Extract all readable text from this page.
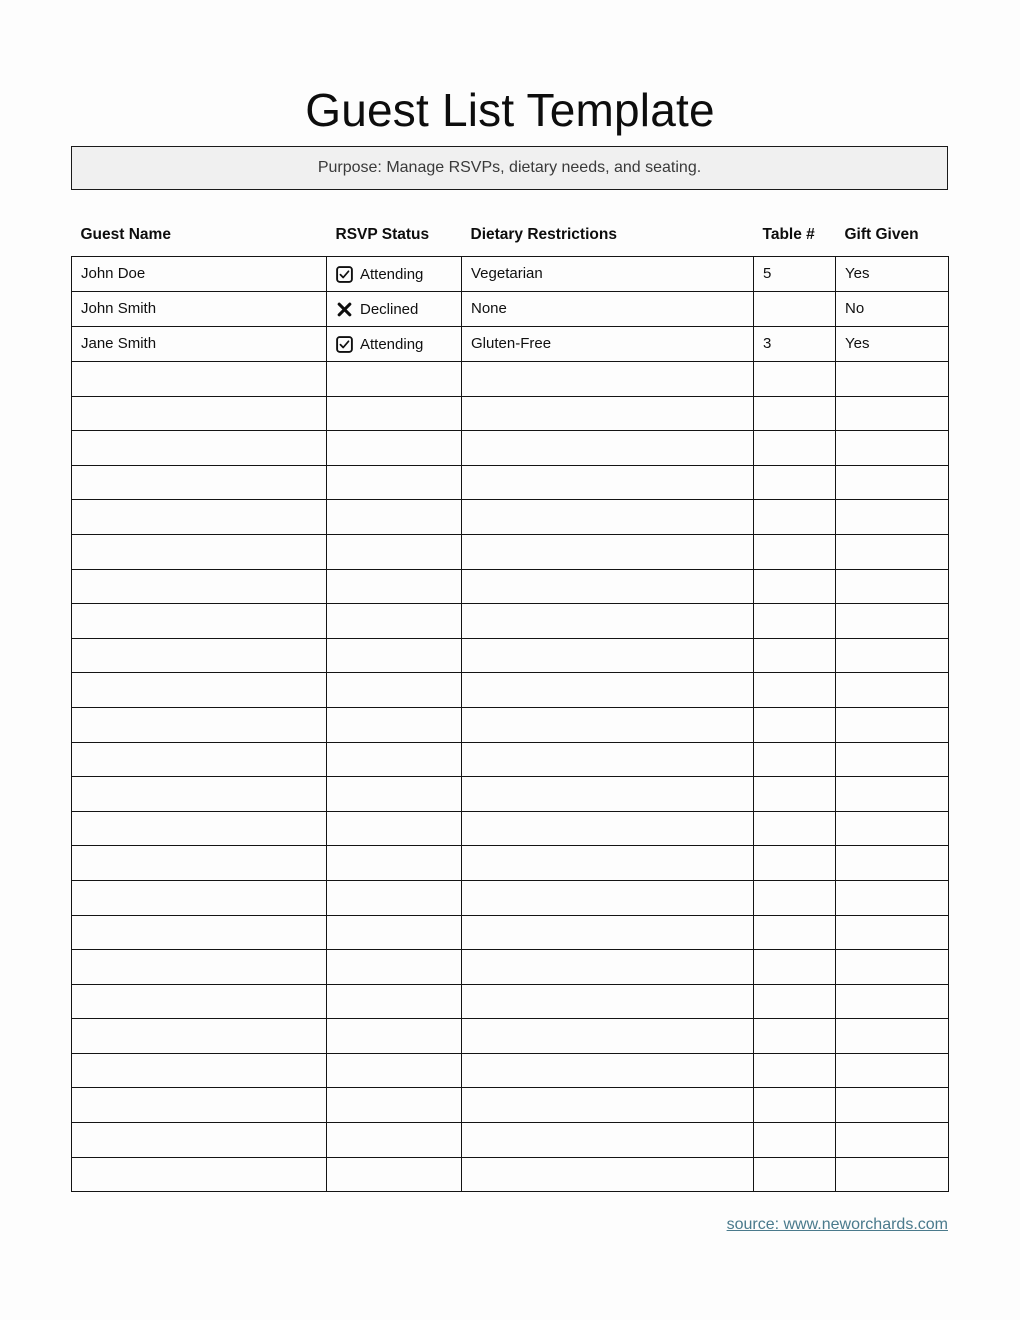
Guest List Template
Purpose: Manage RSVPs, dietary needs, and seating.
Guest Name	RSVP Status	Dietary Restrictions	Table #	Gift Given
John Doe	Attending	Vegetarian	5	Yes
John Smith	Declined	None		No
Jane Smith	Attending	Gluten-Free	3	Yes

source: www.neworchards.com
